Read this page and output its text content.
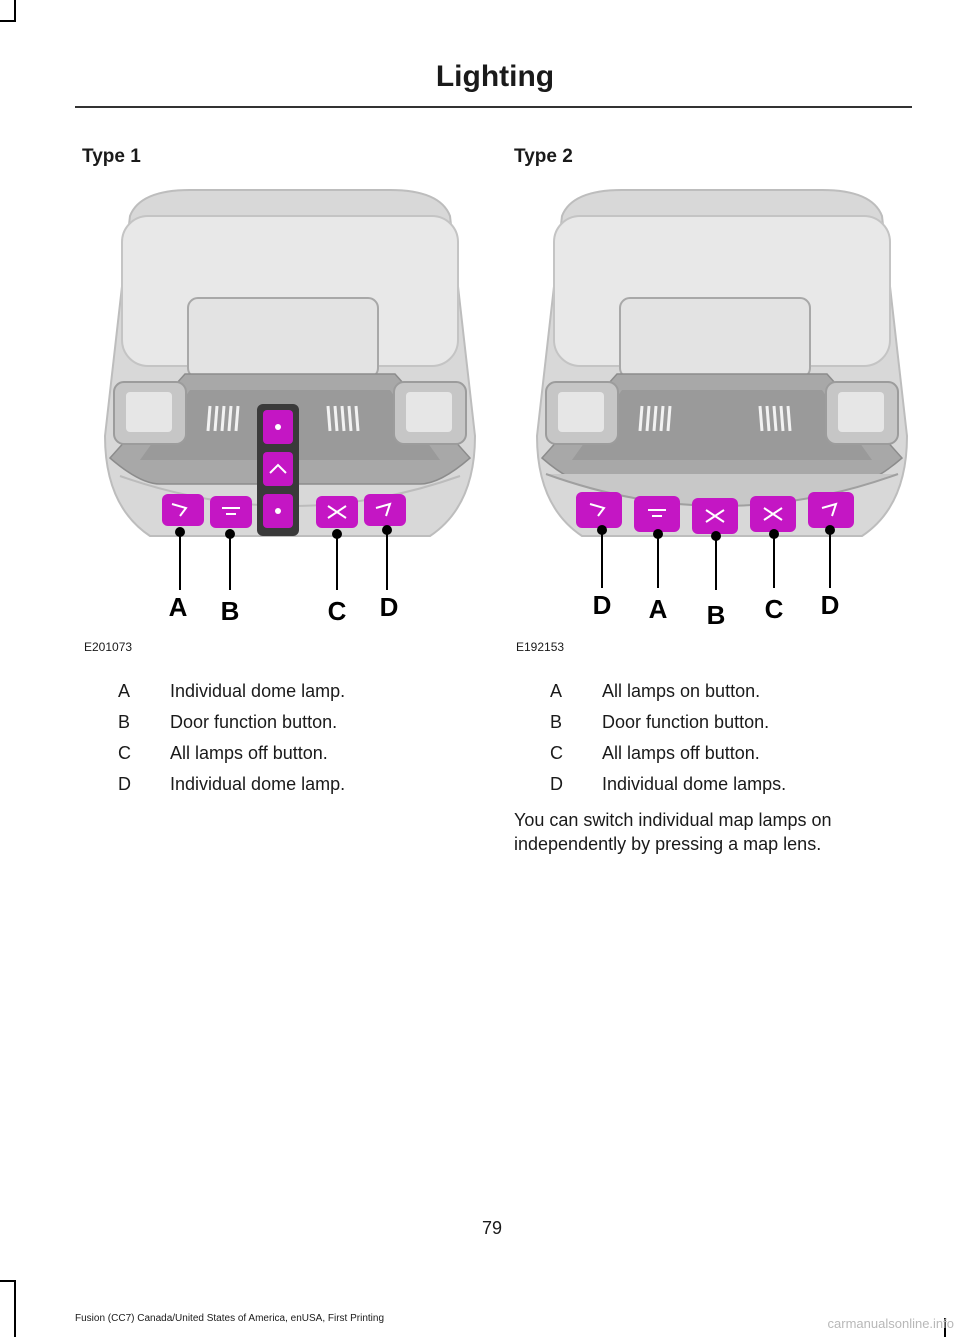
Lighting
Type 1
A B	C D
E201073
A	Individual dome lamp.
B	Door function button.
C	All lamps off button.
D	Individual dome lamp.
Type 2
D A B C D
E192153
A	All lamps on button.
B	Door function button.
C	All lamps off button.
D	Individual dome lamps.

You can switch individual map lamps on independently by pressing a map lens.

79
Fusion (CC7) Canada/United States of America, enUSA, First Printing	carmanualsonline.info
